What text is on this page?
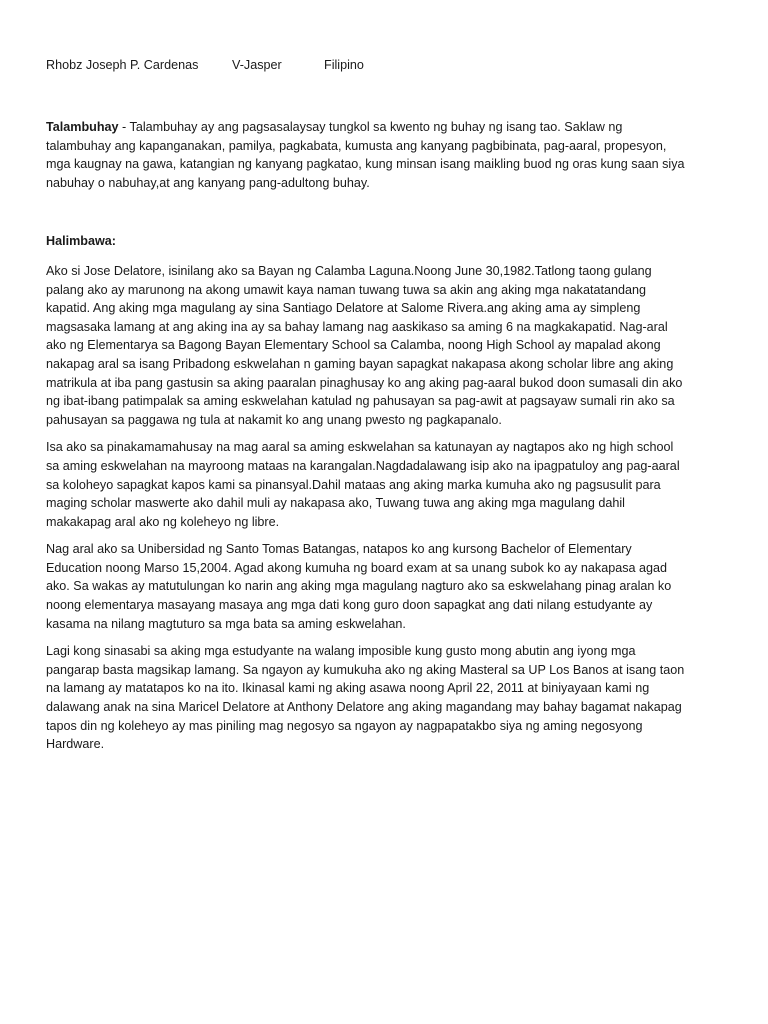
Rhobz Joseph P. Cardenas	V-Jasper	Filipino

Talambuhay - Talambuhay ay ang pagsasalaysay tungkol sa kwento ng buhay ng isang tao. Saklaw ng talambuhay ang kapanganakan, pamilya, pagkabata, kumusta ang kanyang pagbibinata, pag-aaral, propesyon, mga kaugnay na gawa, katangian ng kanyang pagkatao, kung minsan isang maikling buod ng oras kung saan siya nabuhay o nabuhay,at ang kanyang pang-adultong buhay.

Halimbawa:

Ako si Jose Delatore, isinilang ako sa Bayan ng Calamba Laguna.Noong June 30,1982.Tatlong taong gulang palang ako ay marunong na akong umawit kaya naman tuwang tuwa sa akin ang aking mga nakatatandang kapatid. Ang aking mga magulang ay sina Santiago Delatore at Salome Rivera.ang aking ama ay simpleng magsasaka lamang at ang aking ina ay sa bahay lamang nag aaskikaso sa aming 6 na magkakapatid. Nag-aral ako ng Elementarya sa Bagong Bayan Elementary School sa Calamba, noong High School ay mapalad akong nakapag aral sa isang Pribadong eskwelahan n gaming bayan sapagkat nakapasa akong scholar libre ang aking matrikula at iba pang gastusin sa aking paaralan pinaghusay ko ang aking pag-aaral bukod doon sumasali din ako ng ibat-ibang patimpalak sa aming eskwelahan katulad ng pahusayan sa pag-awit at pagsayaw sumali rin ako sa pahusayan sa paggawa ng tula at nakamit ko ang unang pwesto ng pagkapanalo.

Isa ako sa pinakamamahusay na mag aaral sa aming eskwelahan sa katunayan ay nagtapos ako ng high school sa aming eskwelahan na mayroong mataas na karangalan.Nagdadalawang isip ako na ipagpatuloy ang pag-aaral sa koloheyo sapagkat kapos kami sa pinansyal.Dahil mataas ang aking marka kumuha ako ng pagsusulit para maging scholar maswerte ako dahil muli ay nakapasa ako, Tuwang tuwa ang aking mga magulang dahil makakapag aral ako ng koleheyo ng libre.

Nag aral ako sa Unibersidad ng Santo Tomas Batangas, natapos ko ang kursong Bachelor of Elementary Education noong Marso 15,2004. Agad akong kumuha ng board exam at sa unang subok ko ay nakapasa agad ako. Sa wakas ay matutulungan ko narin ang aking mga magulang nagturo ako sa eskwelahang pinag aralan ko noong elementarya masayang masaya ang mga dati kong guro doon sapagkat ang dati nilang estudyante ay kasama na nilang magtuturo sa mga bata sa aming eskwelahan.

Lagi kong sinasabi sa aking mga estudyante na walang imposible kung gusto mong abutin ang iyong mga pangarap basta magsikap lamang. Sa ngayon ay kumukuha ako ng aking Masteral sa UP Los Banos at isang taon na lamang ay matatapos ko na ito. Ikinasal kami ng aking asawa noong April 22, 2011 at biniyayaan kami ng dalawang anak na sina Maricel Delatore at Anthony Delatore ang aking magandang may bahay bagamat nakapag tapos din ng koleheyo ay mas piniling mag negosyo sa ngayon ay nagpapatakbo siya ng aming negosyong Hardware.
